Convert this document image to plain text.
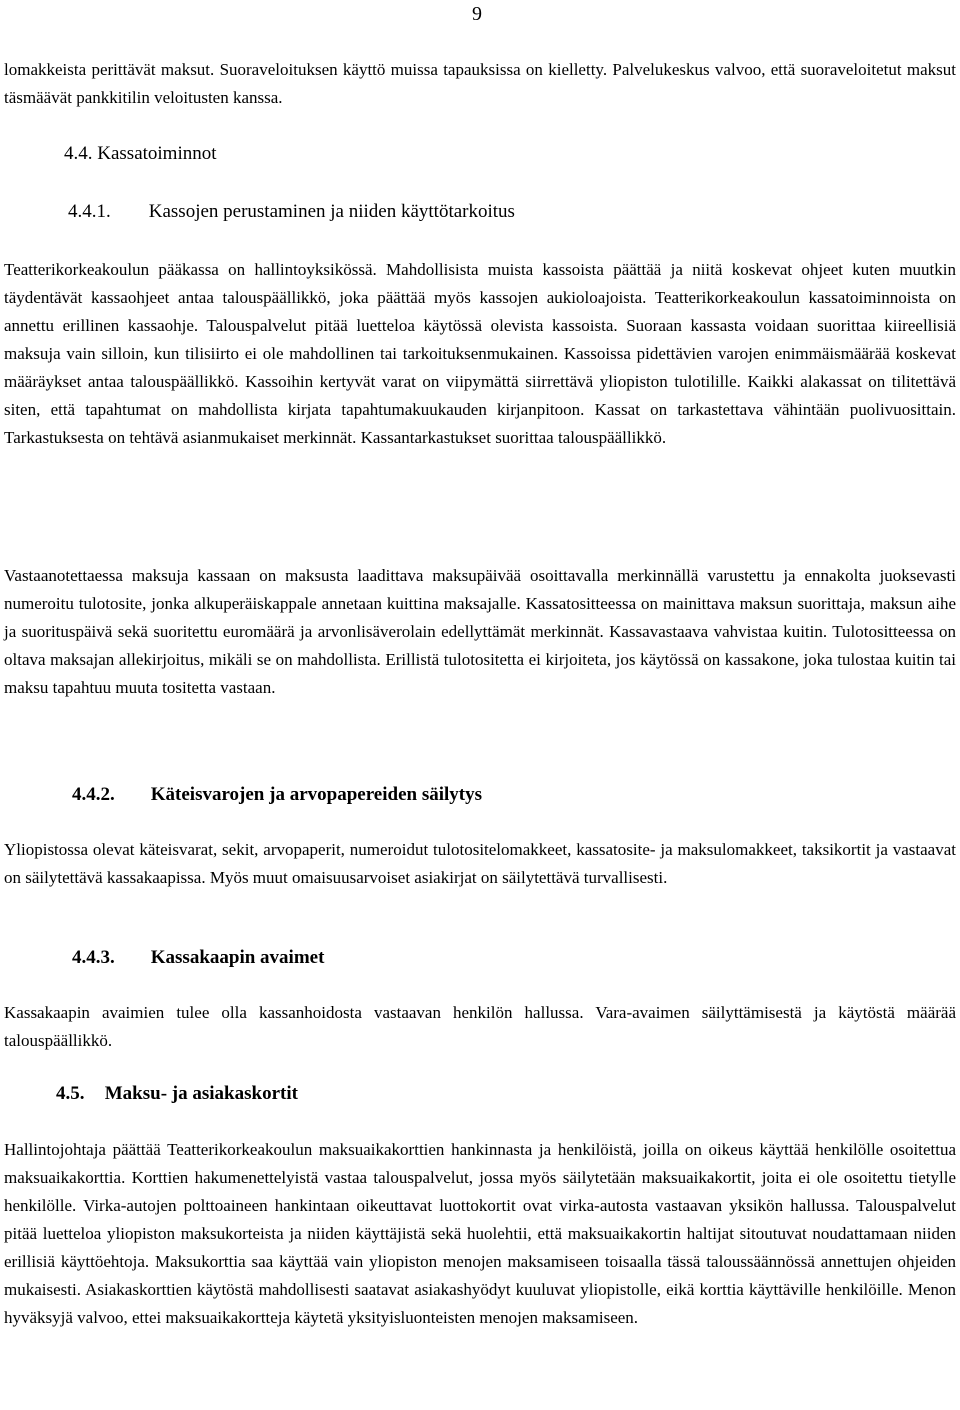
9

lomakkeista perittävät maksut. Suoraveloituksen käyttö muissa tapauksissa on kielletty. Palvelukeskus valvoo, että suoraveloitetut maksut täsmäävät pankkitilin veloitusten kanssa.

4.4. Kassatoiminnot
4.4.1. Kassojen perustaminen ja niiden käyttötarkoitus

Teatterikorkeakoulun pääkassa on hallintoyksikössä. Mahdollisista muista kassoista päättää ja niitä koskevat ohjeet kuten muutkin täydentävät kassaohjeet antaa talouspäällikkö, joka päättää myös kassojen aukioloajoista. Teatterikorkeakoulun kassatoiminnoista on annettu erillinen kassaohje. Talouspalvelut pitää luetteloa käytössä olevista kassoista. Suoraan kassasta voidaan suorittaa kiireellisiä maksuja vain silloin, kun tilisiirto ei ole mahdollinen tai tarkoituksenmukainen. Kassoissa pidettävien varojen enimmäismäärää koskevat määräykset antaa talouspäällikkö. Kassoihin kertyvät varat on viipymättä siirrettävä yliopiston tulotilille. Kaikki alakassat on tilitettävä siten, että tapahtumat on mahdollista kirjata tapahtumakuukauden kirjanpitoon. Kassat on tarkastettava vähintään puolivuosittain. Tarkastuksesta on tehtävä asianmukaiset merkinnät. Kassantarkastukset suorittaa talouspäällikkö.

Vastaanotettaessa maksuja kassaan on maksusta laadittava maksupäivää osoittavalla merkinnällä varustettu ja ennakolta juoksevasti numeroitu tulotosite, jonka alkuperäiskappale annetaan kuittina maksajalle. Kassatositteessa on mainittava maksun suorittaja, maksun aihe ja suorituspäivä sekä suoritettu euromäärä ja arvonlisäverolain edellyttämät merkinnät. Kassavastaava vahvistaa kuitin. Tulotositteessa on oltava maksajan allekirjoitus, mikäli se on mahdollista. Erillistä tulotositetta ei kirjoiteta, jos käytössä on kassakone, joka tulostaa kuitin tai maksu tapahtuu muuta tositetta vastaan.

4.4.2. Käteisvarojen ja arvopapereiden säilytys

Yliopistossa olevat käteisvarat, sekit, arvopaperit, numeroidut tulotositelomakkeet, kassatosite- ja maksulomakkeet, taksikortit ja vastaavat on säilytettävä kassakaapissa. Myös muut omaisuusarvoiset asiakirjat on säilytettävä turvallisesti.

4.4.3. Kassakaapin avaimet

Kassakaapin avaimien tulee olla kassanhoidosta vastaavan henkilön hallussa. Vara-avaimen säilyttämisestä ja käytöstä määrää talouspäällikkö.

4.5. Maksu- ja asiakaskortit

Hallintojohtaja päättää Teatterikorkeakoulun maksuaikakorttien hankinnasta ja henkilöistä, joilla on oikeus käyttää henkilölle osoitettua maksuaikakorttia. Korttien hakumenettelyistä vastaa talouspalvelut, jossa myös säilytetään maksuaikakortit, joita ei ole osoitettu tietylle henkilölle. Virka-autojen polttoaineen hankintaan oikeuttavat luottokortit ovat virka-autosta vastaavan yksikön hallussa. Talouspalvelut pitää luetteloa yliopiston maksukorteista ja niiden käyttäjistä sekä huolehtii, että maksuaikakortin haltijat sitoutuvat noudattamaan niiden erillisiä käyttöehtoja. Maksukorttia saa käyttää vain yliopiston menojen maksamiseen toisaalla tässä taloussäännössä annettujen ohjeiden mukaisesti. Asiakaskorttien käytöstä mahdollisesti saatavat asiakashyödyt kuuluvat yliopistolle, eikä korttia käyttäville henkilöille. Menon hyväksyjä valvoo, ettei maksuaikakortteja käytetä yksityisluonteisten menojen maksamiseen.
